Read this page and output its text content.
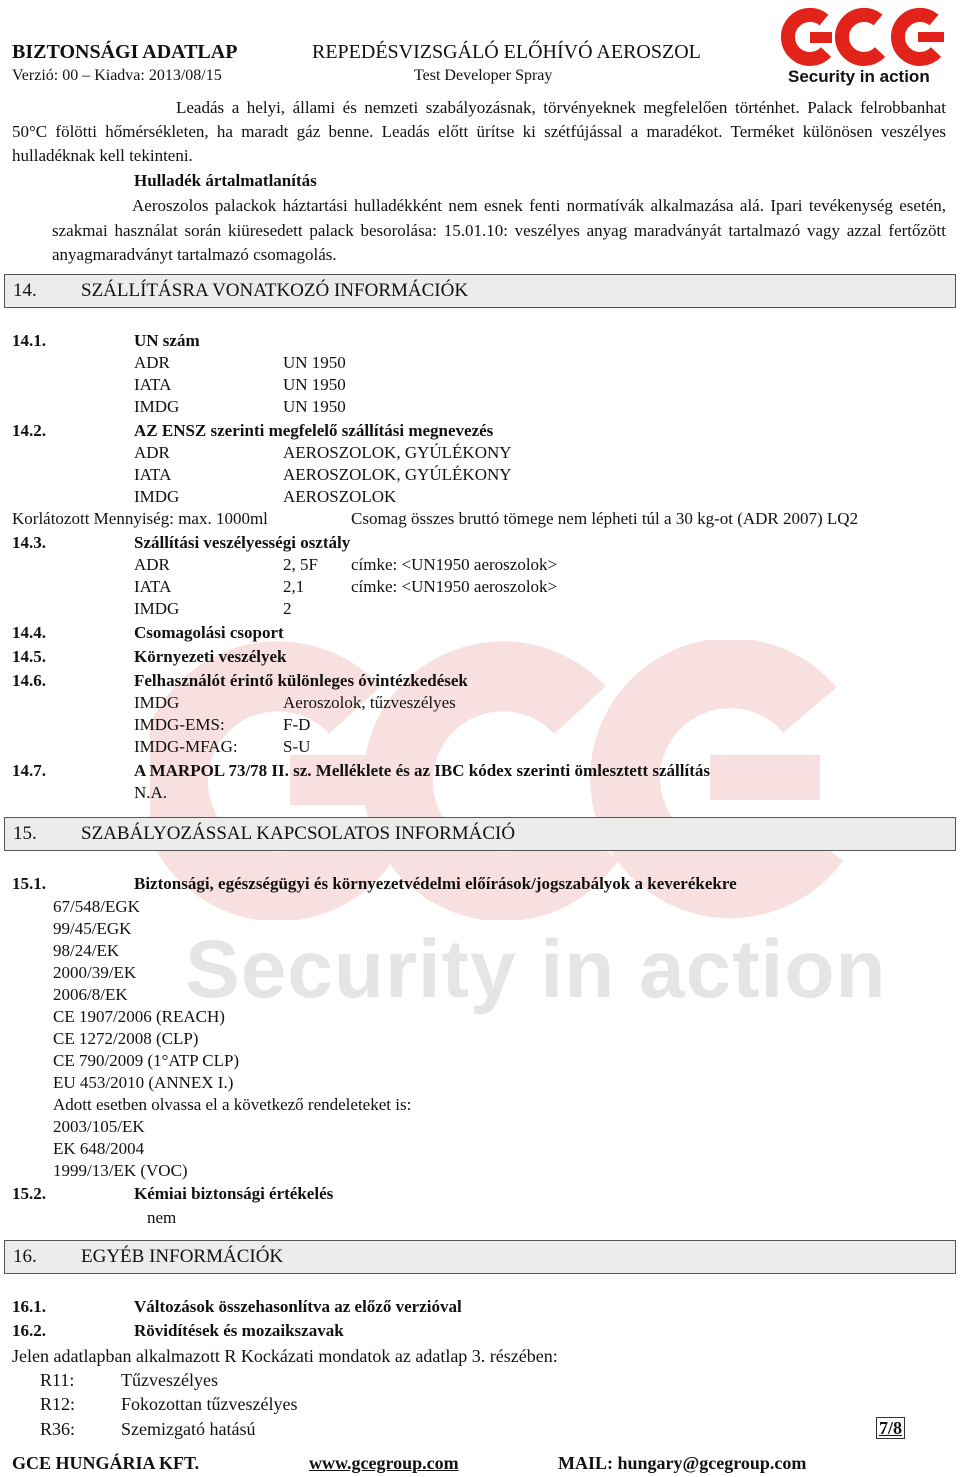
Security in action
BIZTONSÁGI ADATLAP	REPEDÉSVIZSGÁLÓ ELŐHÍVÓ AEROSZOL
Verzió: 00 – Kiadva: 2013/08/15	Test Developer Spray	Security in action
Leadás a helyi, állami és nemzeti szabályozásnak, törvényeknek megfelelően történhet. Palack felrobbanhat 50°C fölötti hőmérsékleten, ha maradt gáz benne. Leadás előtt ürítse ki szétfújással a maradékot. Terméket különösen veszélyes hulladéknak kell tekinteni.
Hulladék ártalmatlanítás
Aeroszolos palackok háztartási hulladékként nem esnek fenti normatívák alkalmazása alá. Ipari tevékenység esetén, szakmai használat során kiüresedett palack besorolása: 15.01.10: veszélyes anyag maradványát tartalmazó vagy azzal fertőzött anyagmaradványt tartalmazó csomagolás.
14. SZÁLLÍTÁSRA VONATKOZÓ INFORMÁCIÓK
14.1.	UN szám
ADR	UN 1950
IATA	UN 1950
IMDG	UN 1950
14.2.	AZ ENSZ szerinti megfelelő szállítási megnevezés
ADR	AEROSZOLOK, GYÚLÉKONY
IATA	AEROSZOLOK, GYÚLÉKONY
IMDG	AEROSZOLOK
Korlátozott Mennyiség: max. 1000ml	Csomag összes bruttó tömege nem lépheti túl a 30 kg-ot (ADR 2007) LQ2
14.3.	Szállítási veszélyességi osztály
ADR	2, 5F címke: <UN1950 aeroszolok>
IATA	2,1	címke: <UN1950 aeroszolok>
IMDG	2
14.4.	Csomagolási csoport
14.5.	Környezeti veszélyek
14.6.	Felhasználót érintő különleges óvintézkedések
IMDG	Aeroszolok, tűzveszélyes
IMDG-EMS:	F-D
IMDG-MFAG:	S-U
14.7.	A MARPOL 73/78 II. sz. Melléklete és az IBC kódex szerinti ömlesztett szállítás
N.A.
15. SZABÁLYOZÁSSAL KAPCSOLATOS INFORMÁCIÓ
15.1.	Biztonsági, egészségügyi és környezetvédelmi előírások/jogszabályok a keverékekre
67/548/EGK
99/45/EGK
98/24/EK
2000/39/EK
2006/8/EK
CE 1907/2006 (REACH)
CE 1272/2008 (CLP)
CE 790/2009 (1°ATP CLP)
EU 453/2010 (ANNEX I.)
Adott esetben olvassa el a következő rendeleteket is:
2003/105/EK
EK 648/2004
1999/13/EK (VOC)
15.2.	Kémiai biztonsági értékelés
nem
16. EGYÉB INFORMÁCIÓK
16.1.	Változások összehasonlítva az előző verzióval
16.2.	Rövidítések és mozaikszavak
Jelen adatlapban alkalmazott R Kockázati mondatok az adatlap 3. részében:
R11:	Tűzveszélyes
R12:	Fokozottan tűzveszélyes
R36:	Szemizgató hatású	7/8
GCE HUNGÁRIA KFT.	www.gcegroup.com	MAIL: hungary@gcegroup.com
